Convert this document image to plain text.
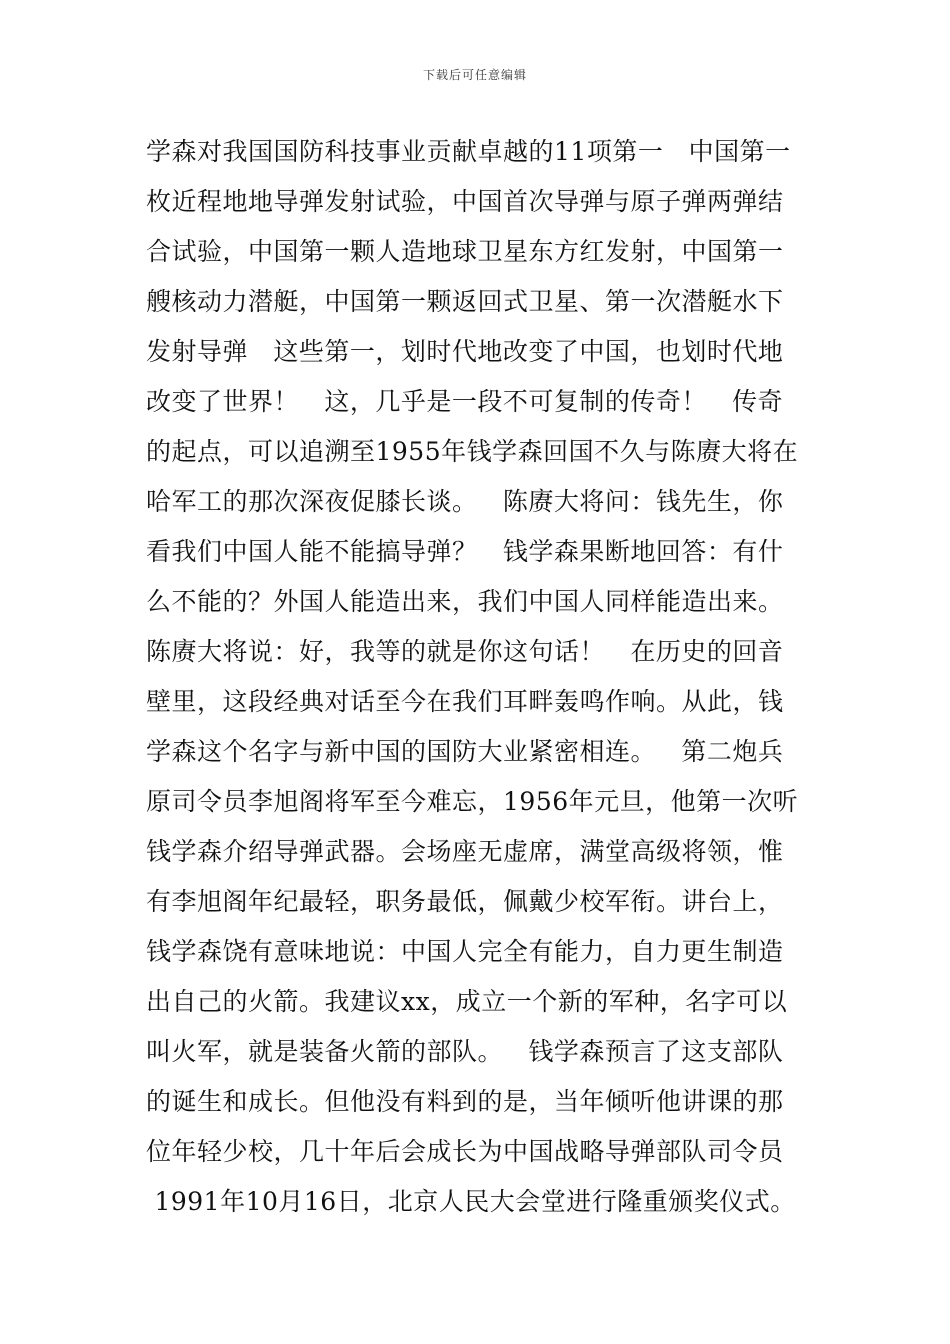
下载后可任意编辑
学森对我国国防科技事业贡献卓越的11项第一   中国第一
枚近程地地导弹发射试验，中国首次导弹与原子弹两弹结
合试验，中国第一颗人造地球卫星东方红发射，中国第一
艘核动力潜艇，中国第一颗返回式卫星、第一次潜艇水下
发射导弹   这些第一，划时代地改变了中国，也划时代地
改变了世界！   这，几乎是一段不可复制的传奇！   传奇
的起点，可以追溯至1955年钱学森回国不久与陈赓大将在
哈军工的那次深夜促膝长谈。   陈赓大将问：钱先生，你
看我们中国人能不能搞导弹？   钱学森果断地回答：有什
么不能的？外国人能造出来，我们中国人同样能造出来。
陈赓大将说：好，我等的就是你这句话！   在历史的回音
壁里，这段经典对话至今在我们耳畔轰鸣作响。从此，钱
学森这个名字与新中国的国防大业紧密相连。   第二炮兵
原司令员李旭阁将军至今难忘，1956年元旦，他第一次听
钱学森介绍导弹武器。会场座无虚席，满堂高级将领，惟
有李旭阁年纪最轻，职务最低，佩戴少校军衔。讲台上，
钱学森饶有意味地说：中国人完全有能力，自力更生制造
出自己的火箭。我建议xx，成立一个新的军种，名字可以
叫火军，就是装备火箭的部队。   钱学森预言了这支部队
的诞生和成长。但他没有料到的是，当年倾听他讲课的那
位年轻少校，几十年后会成长为中国战略导弹部队司令员
1991年10月16日，北京人民大会堂进行隆重颁奖仪式。
